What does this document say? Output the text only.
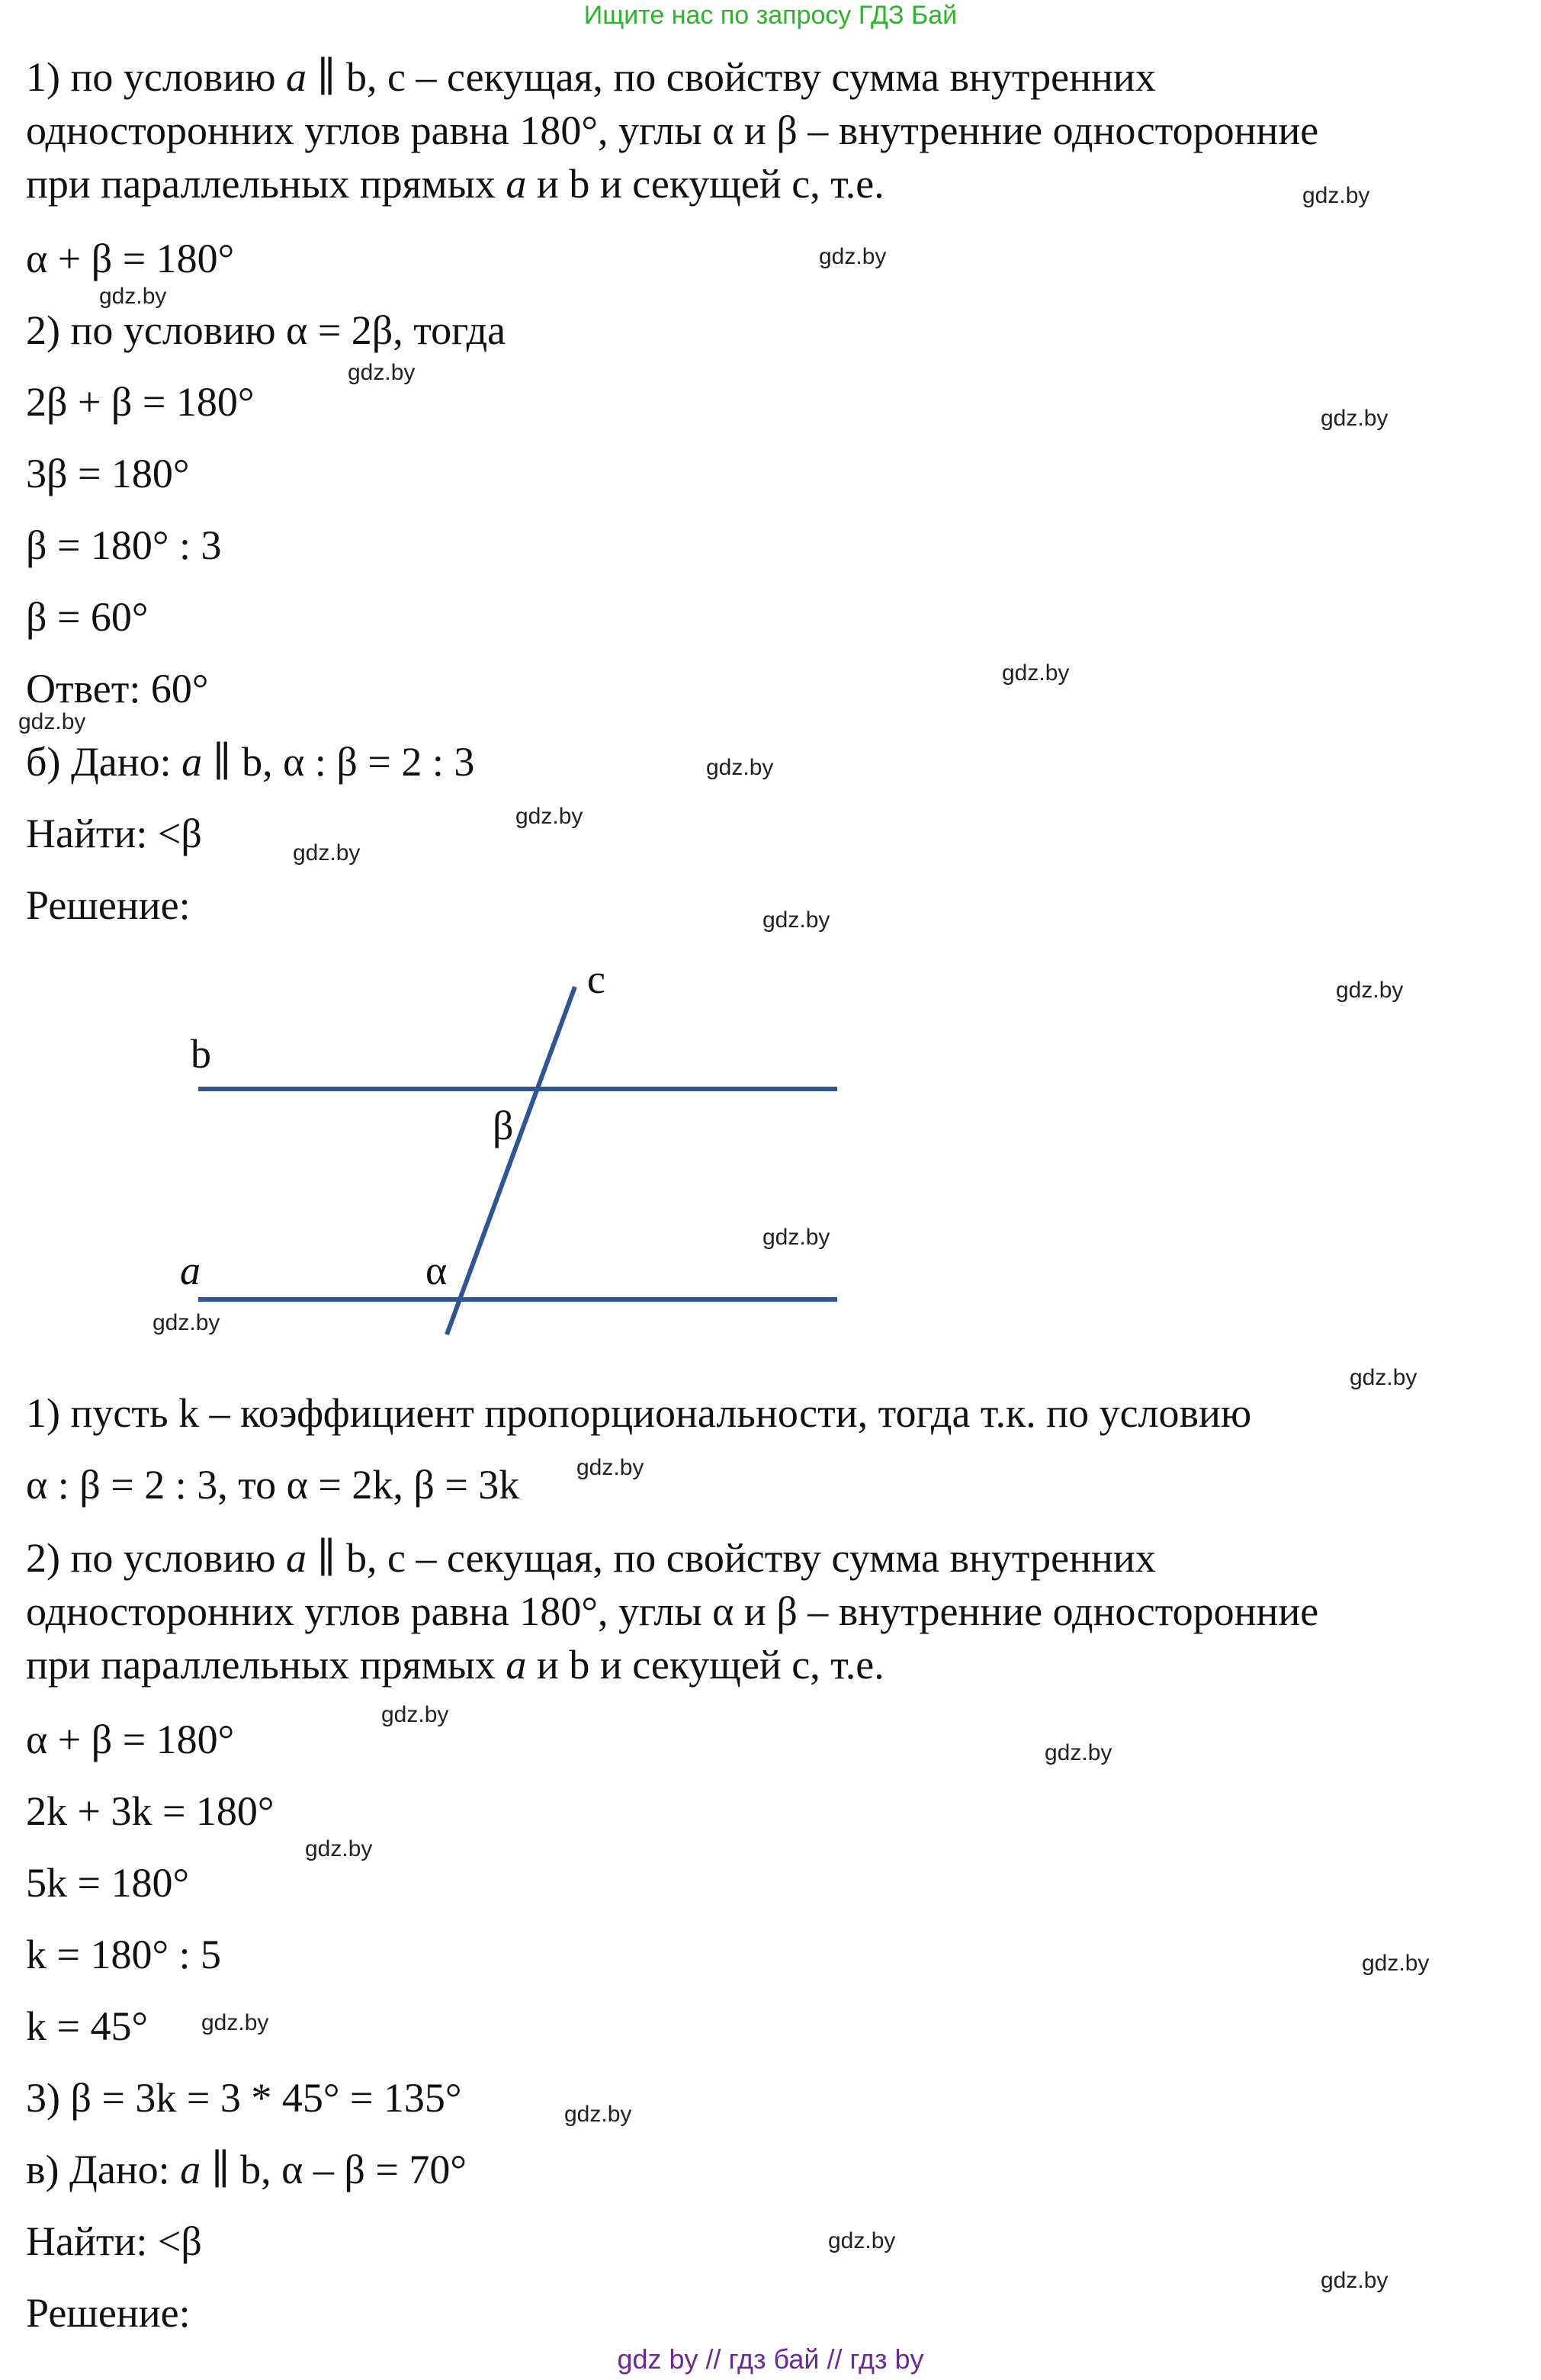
Ищите нас по запросу ГДЗ Бай
1) по условию a ∥ b, c – секущая, по свойству сумма внутренних
односторонних углов равна 180°, углы α и β – внутренние односторонние
при параллельных прямых a и b и секущей c, т.е.
α + β = 180°
2) по условию α = 2β, тогда
2β + β = 180°
3β = 180°
β = 180° : 3
β = 60°
Ответ: 60°
б) Дано: a ∥ b, α : β = 2 : 3
Найти: <β
Решение:
c
b
β
a	α
1) пусть k – коэффициент пропорциональности, тогда т.к. по условию
α : β = 2 : 3, то α = 2k, β = 3k
2) по условию a ∥ b, c – секущая, по свойству сумма внутренних
односторонних углов равна 180°, углы α и β – внутренние односторонние
при параллельных прямых a и b и секущей c, т.е.
α + β = 180°
2k + 3k = 180°
5k = 180°
k = 180° : 5
k = 45°
3) β = 3k = 3 * 45° = 135°
в) Дано: a ∥ b, α – β = 70°
Найти: <β
Решение:
gdz.by
gdz.by
gdz.by
gdz.by
gdz.by
gdz.by
gdz.by
gdz.by
gdz.by
gdz.by
gdz.by
gdz.by
gdz.by
gdz.by
gdz.by
gdz.by
gdz.by
gdz.by
gdz.by
gdz.by
gdz.by
gdz.by
gdz.by
gdz.by
gdz by // гдз бай // гдз by
